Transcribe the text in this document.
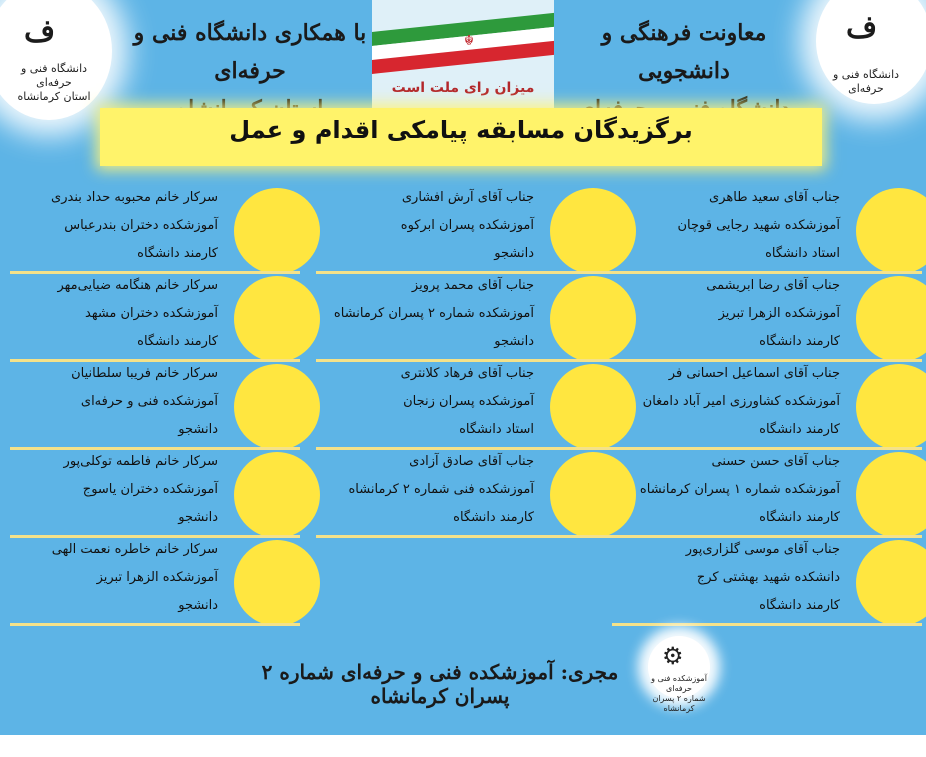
ف
دانشگاه فنی و حرفه‌ای
استان کرمانشاه
ف
دانشگاه فنی و حرفه‌ای
معاونت فرهنگی و دانشجویی
با همکاری دانشگاه فنی و حرفه‌ای
☬
میزان رای ملت است
برگزیدگان مسابقه پیامکی اقدام و عمل
جناب آقای سعید طاهری
آموزشکده شهید رجایی قوچان
استاد دانشگاه
جناب آقای رضا ابریشمی
آموزشکده الزهرا تبریز
کارمند دانشگاه
جناب آقای اسماعیل احسانی فر
آموزشکده کشاورزی امیر آباد دامغان
کارمند دانشگاه
جناب آقای حسن حسنی
آموزشکده شماره ۱ پسران کرمانشاه
کارمند دانشگاه
جناب آقای موسی گلزاری‌پور
دانشکده شهید بهشتی کرج
کارمند دانشگاه
جناب آقای آرش افشاری
آموزشکده پسران ابرکوه
دانشجو
جناب آقای محمد پرویز
آموزشکده شماره ۲ پسران کرمانشاه
دانشجو
جناب آقای فرهاد کلانتری
آموزشکده پسران زنجان
استاد دانشگاه
جناب آقای صادق آزادی
آموزشکده فنی شماره ۲ کرمانشاه
کارمند دانشگاه
سرکار خانم محبوبه حداد بندری
آموزشکده دختران بندرعباس
کارمند دانشگاه
سرکار خانم هنگامه ضیایی‌مهر
آموزشکده دختران مشهد
کارمند دانشگاه
سرکار خانم فریبا سلطانیان
آموزشکده فنی و حرفه‌ای
دانشجو
سرکار خانم فاطمه توکلی‌پور
آموزشکده دختران یاسوج
دانشجو
سرکار خانم خاطره نعمت الهی
آموزشکده الزهرا تبریز
دانشجو
⚙
آموزشکده فنی و حرفه‌ای
شماره ۲ پسران کرمانشاه
مجری: آموزشکده فنی و حرفه‌ای شماره ۲ پسران کرمانشاه
